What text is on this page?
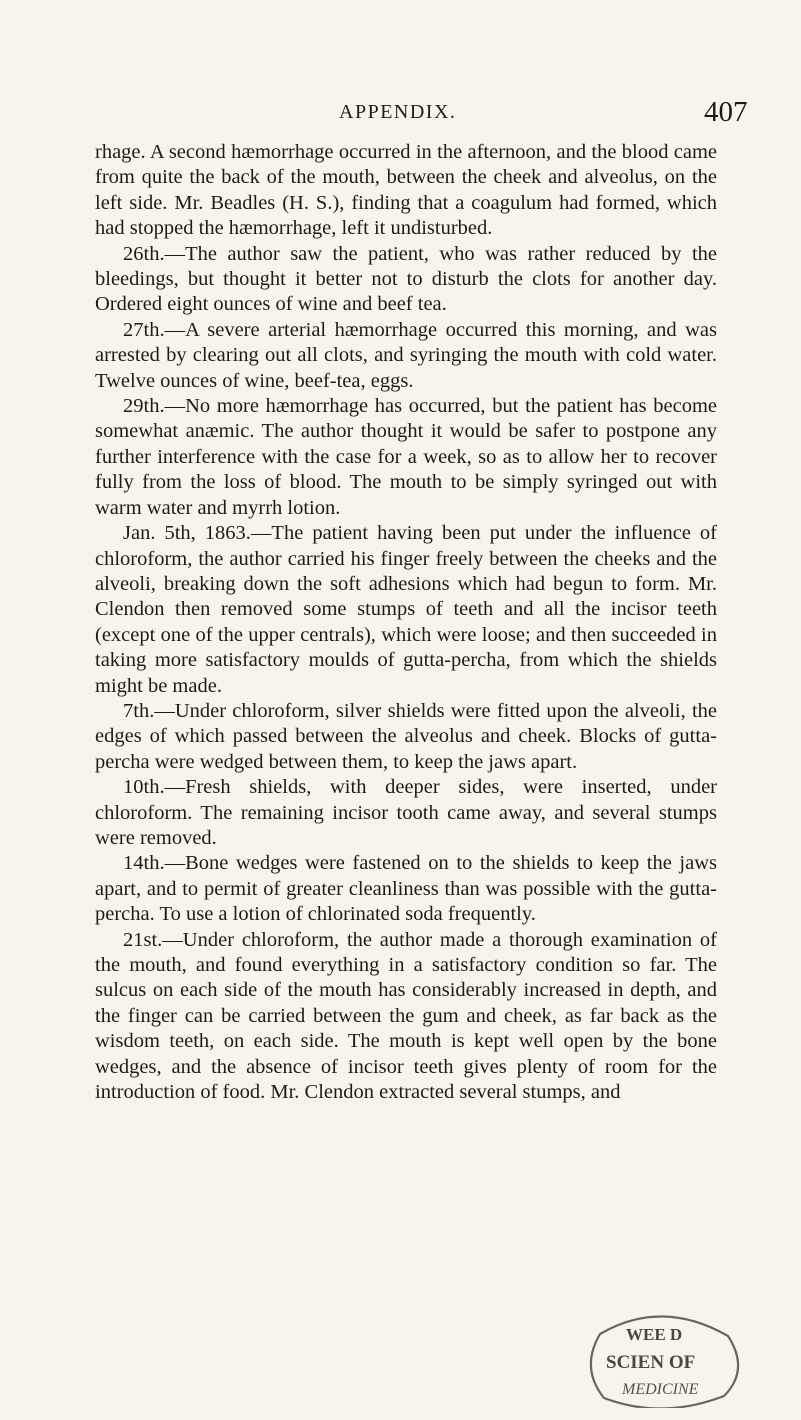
APPENDIX.	407

rhage. A second hæmorrhage occurred in the afternoon, and the blood came from quite the back of the mouth, between the cheek and alveolus, on the left side. Mr. Beadles (H. S.), finding that a coagulum had formed, which had stopped the hæmorrhage, left it undisturbed.

26th.—The author saw the patient, who was rather reduced by the bleedings, but thought it better not to disturb the clots for another day. Ordered eight ounces of wine and beef tea.

27th.—A severe arterial hæmorrhage occurred this morning, and was arrested by clearing out all clots, and syringing the mouth with cold water. Twelve ounces of wine, beef-tea, eggs.

29th.—No more hæmorrhage has occurred, but the patient has become somewhat anæmic. The author thought it would be safer to postpone any further interference with the case for a week, so as to allow her to recover fully from the loss of blood. The mouth to be simply syringed out with warm water and myrrh lotion.

Jan. 5th, 1863.—The patient having been put under the influence of chloroform, the author carried his finger freely between the cheeks and the alveoli, breaking down the soft adhesions which had begun to form. Mr. Clendon then removed some stumps of teeth and all the incisor teeth (except one of the upper centrals), which were loose; and then succeeded in taking more satisfactory moulds of gutta-percha, from which the shields might be made.

7th.—Under chloroform, silver shields were fitted upon the alveoli, the edges of which passed between the alveolus and cheek. Blocks of gutta-percha were wedged between them, to keep the jaws apart.

10th.—Fresh shields, with deeper sides, were inserted, under chloroform. The remaining incisor tooth came away, and several stumps were removed.

14th.—Bone wedges were fastened on to the shields to keep the jaws apart, and to permit of greater cleanliness than was possible with the gutta-percha. To use a lotion of chlorinated soda frequently.

21st.—Under chloroform, the author made a thorough examination of the mouth, and found everything in a satisfactory condition so far. The sulcus on each side of the mouth has considerably increased in depth, and the finger can be carried between the gum and cheek, as far back as the wisdom teeth, on each side. The mouth is kept well open by the bone wedges, and the absence of incisor teeth gives plenty of room for the introduction of food. Mr. Clendon extracted several stumps, and

WEE D
SCIEN OF
MEDICINE
